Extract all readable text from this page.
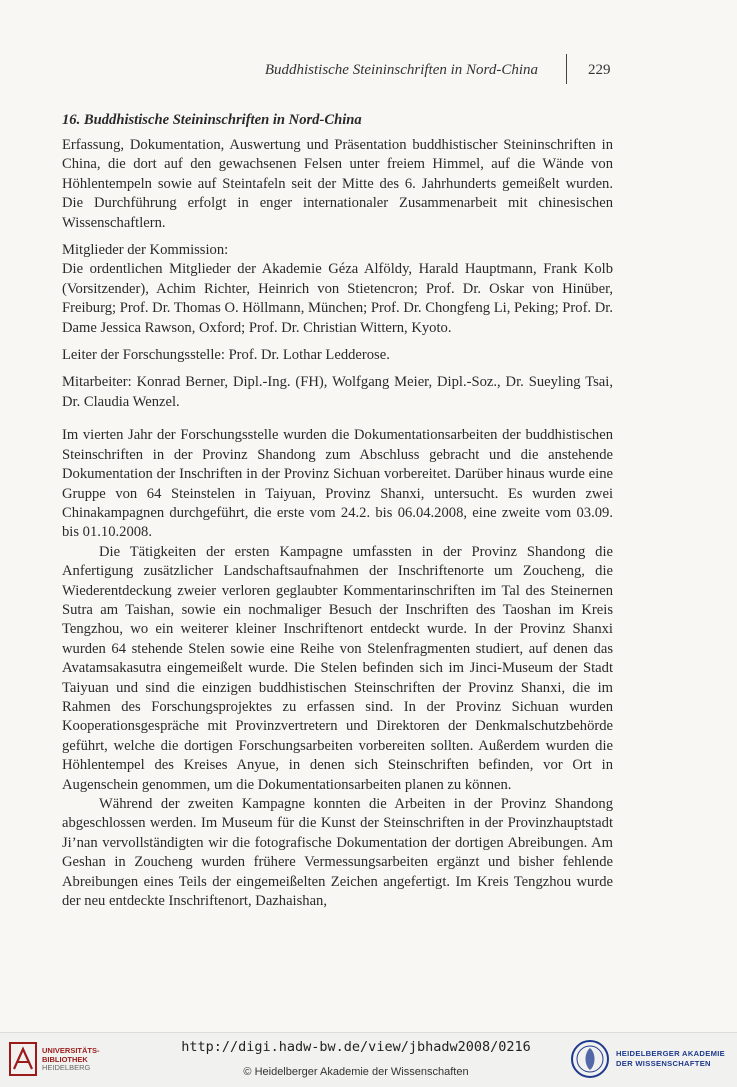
Buddhistische Steininschriften in Nord-China	229
16. Buddhistische Steininschriften in Nord-China

Erfassung, Dokumentation, Auswertung und Präsentation buddhistischer Steininschriften in China, die dort auf den gewachsenen Felsen unter freiem Himmel, auf die Wände von Höhlentempeln sowie auf Steintafeln seit der Mitte des 6. Jahrhunderts gemeißelt wurden. Die Durchführung erfolgt in enger internationaler Zusammenarbeit mit chinesischen Wissenschaftlern.

Mitglieder der Kommission:
Die ordentlichen Mitglieder der Akademie Géza Alföldy, Harald Hauptmann, Frank Kolb (Vorsitzender), Achim Richter, Heinrich von Stietencron; Prof. Dr. Oskar von Hinüber, Freiburg; Prof. Dr. Thomas O. Höllmann, München; Prof. Dr. Chongfeng Li, Peking; Prof. Dr. Dame Jessica Rawson, Oxford; Prof. Dr. Christian Wittern, Kyoto.

Leiter der Forschungsstelle: Prof. Dr. Lothar Ledderose.

Mitarbeiter: Konrad Berner, Dipl.-Ing. (FH), Wolfgang Meier, Dipl.-Soz., Dr. Sueyling Tsai, Dr. Claudia Wenzel.

Im vierten Jahr der Forschungsstelle wurden die Dokumentationsarbeiten der buddhistischen Steinschriften in der Provinz Shandong zum Abschluss gebracht und die anstehende Dokumentation der Inschriften in der Provinz Sichuan vorbereitet. Darüber hinaus wurde eine Gruppe von 64 Steinstelen in Taiyuan, Provinz Shanxi, untersucht. Es wurden zwei Chinakampagnen durchgeführt, die erste vom 24.2. bis 06.04.2008, eine zweite vom 03.09. bis 01.10.2008.

Die Tätigkeiten der ersten Kampagne umfassten in der Provinz Shandong die Anfertigung zusätzlicher Landschaftsaufnahmen der Inschriftenorte um Zoucheng, die Wiederentdeckung zweier verloren geglaubter Kommentarinschriften im Tal des Steinernen Sutra am Taishan, sowie ein nochmaliger Besuch der Inschriften des Taoshan im Kreis Tengzhou, wo ein weiterer kleiner Inschriftenort entdeckt wurde. In der Provinz Shanxi wurden 64 stehende Stelen sowie eine Reihe von Stelenfragmenten studiert, auf denen das Avatamsakasutra eingemeißelt wurde. Die Stelen befinden sich im Jinci-Museum der Stadt Taiyuan und sind die einzigen buddhistischen Steinschriften der Provinz Shanxi, die im Rahmen des Forschungsprojektes zu erfassen sind. In der Provinz Sichuan wurden Kooperationsgespräche mit Provinzvertretern und Direktoren der Denkmalschutzbehörde geführt, welche die dortigen Forschungsarbeiten vorbereiten sollten. Außerdem wurden die Höhlentempel des Kreises Anyue, in denen sich Steinschriften befinden, vor Ort in Augenschein genommen, um die Dokumentationsarbeiten planen zu können.

Während der zweiten Kampagne konnten die Arbeiten in der Provinz Shandong abgeschlossen werden. Im Museum für die Kunst der Steinschriften in der Provinzhauptstadt Ji’nan vervollständigten wir die fotografische Dokumentation der dortigen Abreibungen. Am Geshan in Zoucheng wurden frühere Vermessungsarbeiten ergänzt und bisher fehlende Abreibungen eines Teils der eingemeißelten Zeichen angefertigt. Im Kreis Tengzhou wurde der neu entdeckte Inschriftenort, Dazhaishan,

UNIVERSITÄTS-
BIBLIOTHEK
HEIDELBERG
http://digi.hadw-bw.de/view/jbhadw2008/0216
© Heidelberger Akademie der Wissenschaften
HEIDELBERGER AKADEMIE
DER WISSENSCHAFTEN
